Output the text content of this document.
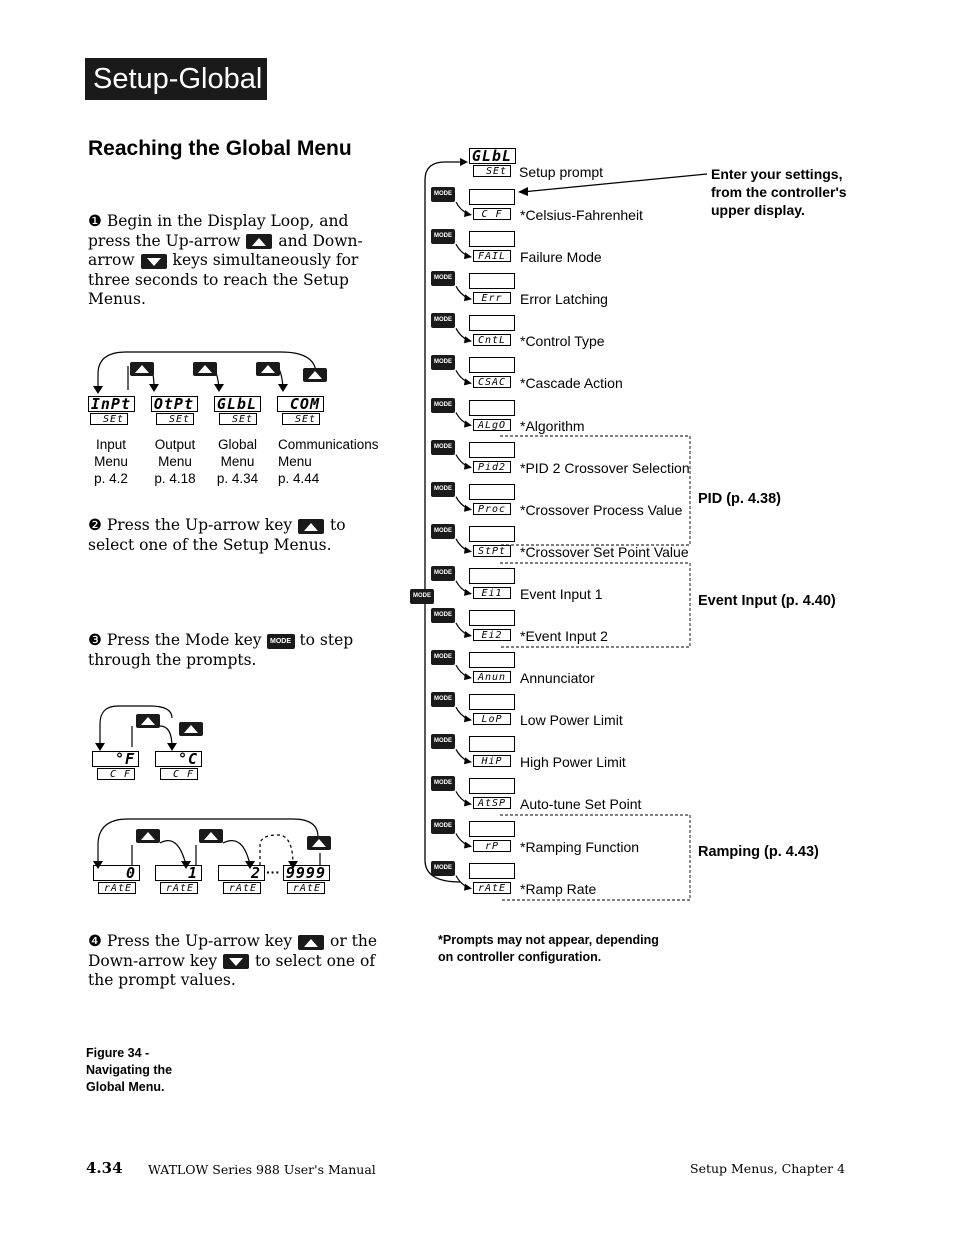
Setup-Global
Reaching the Global Menu
❶ Begin in the Display Loop, and press the Up-arrow and Down-arrow keys simultaneously for three seconds to reach the Setup Menus.
InPt
SEt
OtPt
SEt
GLbL
SEt
COM
SEt
Input
Menu
p. 4.2
Output
Menu
p. 4.18
Global
Menu
p. 4.34
Communications
Menu
p. 4.44
❷ Press the Up-arrow key to select one of the Setup Menus.
❸ Press the Mode key MODE to step through the prompts.
°F
C_F
°C
C_F
0
rAtE
1
rAtE
2
rAtE
··· 9999
rAtE
❹ Press the Up-arrow key or the Down-arrow key to select one of the prompt values.
Figure 34 -
Navigating the
Global Menu.
GLbL
SEt Setup prompt	Enter your settings,
from the controller's
upper display.
MODE
C_F	*Celsius-Fahrenheit
MODE
FAIL Failure Mode
MODE
Err	Error Latching
MODE
CntL *Control Type
MODE
CSAC *Cascade Action
MODE
ALgO *Algorithm
MODE
Pid2 *PID 2 Crossover Selection
MODE
Proc *Crossover Process Value
MODE
StPt *Crossover Set Point Value
MODE
Ei1	Event Input 1
MODE
Ei2	*Event Input 2
MODE
Anun Annunciator
MODE
LoP	Low Power Limit
MODE
HiP	High Power Limit
MODE
AtSP Auto-tune Set Point
MODE
rP	*Ramping Function
MODE
rAtE *Ramp Rate
PID (p. 4.38)
Event Input (p. 4.40)
Ramping (p. 4.43)
MODE
*Prompts may not appear, depending
on controller configuration.
4.34 WATLOW Series 988 User's Manual	Setup Menus, Chapter 4
